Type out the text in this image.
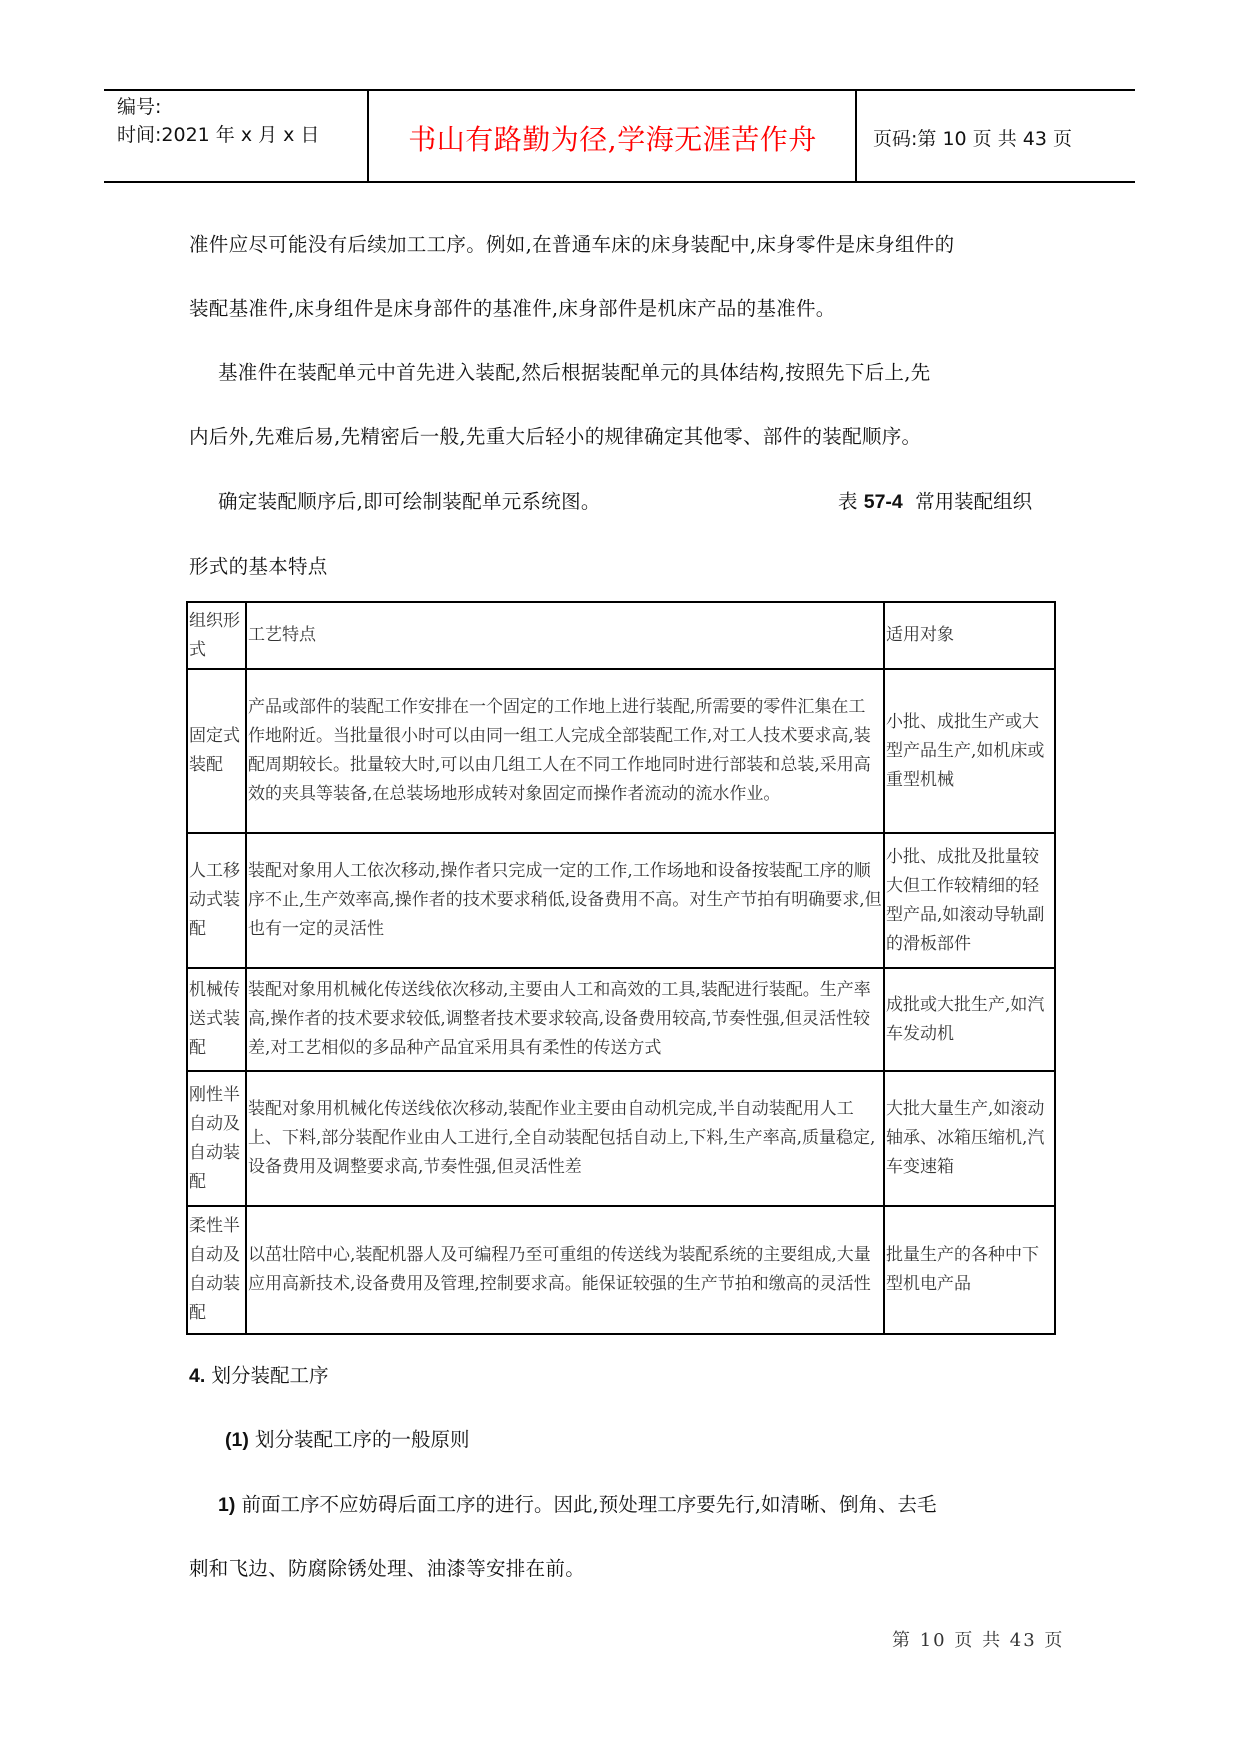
编号:
时间:2021 年 x 月 x 日	书山有路勤为径,学海无涯苦作舟	页码:第 10 页 共 43 页
准件应尽可能没有后续加工工序。例如,在普通车床的床身装配中,床身零件是床身组件的
装配基准件,床身组件是床身部件的基准件,床身部件是机床产品的基准件。
基准件在装配单元中首先进入装配,然后根据装配单元的具体结构,按照先下后上,先
内后外,先难后易,先精密后一般,先重大后轻小的规律确定其他零、部件的装配顺序。
确定装配顺序后,即可绘制装配单元系统图。	表 57-4 常用装配组织
形式的基本特点
组织形式	工艺特点	适用对象
固定式装配	产品或部件的装配工作安排在一个固定的工作地上进行装配,所需要的零件汇集在工作地附近。当批量很小时可以由同一组工人完成全部装配工作,对工人技术要求高,装配周期较长。批量较大时,可以由几组工人在不同工作地同时进行部装和总装,采用高效的夹具等装备,在总装场地形成转对象固定而操作者流动的流水作业。	小批、成批生产或大型产品生产,如机床或重型机械
人工移动式装配	装配对象用人工依次移动,操作者只完成一定的工作,工作场地和设备按装配工序的顺序不止,生产效率高,操作者的技术要求稍低,设备费用不高。对生产节拍有明确要求,但也有一定的灵活性	小批、成批及批量较大但工作较精细的轻型产品,如滚动导轨副的滑板部件
机械传送式装配	装配对象用机械化传送线依次移动,主要由人工和高效的工具,装配进行装配。生产率高,操作者的技术要求较低,调整者技术要求较高,设备费用较高,节奏性强,但灵活性较差,对工艺相似的多品种产品宜采用具有柔性的传送方式	成批或大批生产,如汽车发动机
刚性半自动及自动装配	装配对象用机械化传送线依次移动,装配作业主要由自动机完成,半自动装配用人工上、下料,部分装配作业由人工进行,全自动装配包括自动上,下料,生产率高,质量稳定,设备费用及调整要求高,节奏性强,但灵活性差	大批大量生产,如滚动轴承、冰箱压缩机,汽车变速箱
柔性半自动及自动装配	以茁壮陪中心,装配机器人及可编程乃至可重组的传送线为装配系统的主要组成,大量应用高新技术,设备费用及管理,控制要求高。能保证较强的生产节拍和缴高的灵活性	批量生产的各种中下型机电产品
4. 划分装配工序
(1) 划分装配工序的一般原则
1) 前面工序不应妨碍后面工序的进行。因此,预处理工序要先行,如清晰、倒角、去毛
刺和飞边、防腐除锈处理、油漆等安排在前。
第 10 页 共 43 页
